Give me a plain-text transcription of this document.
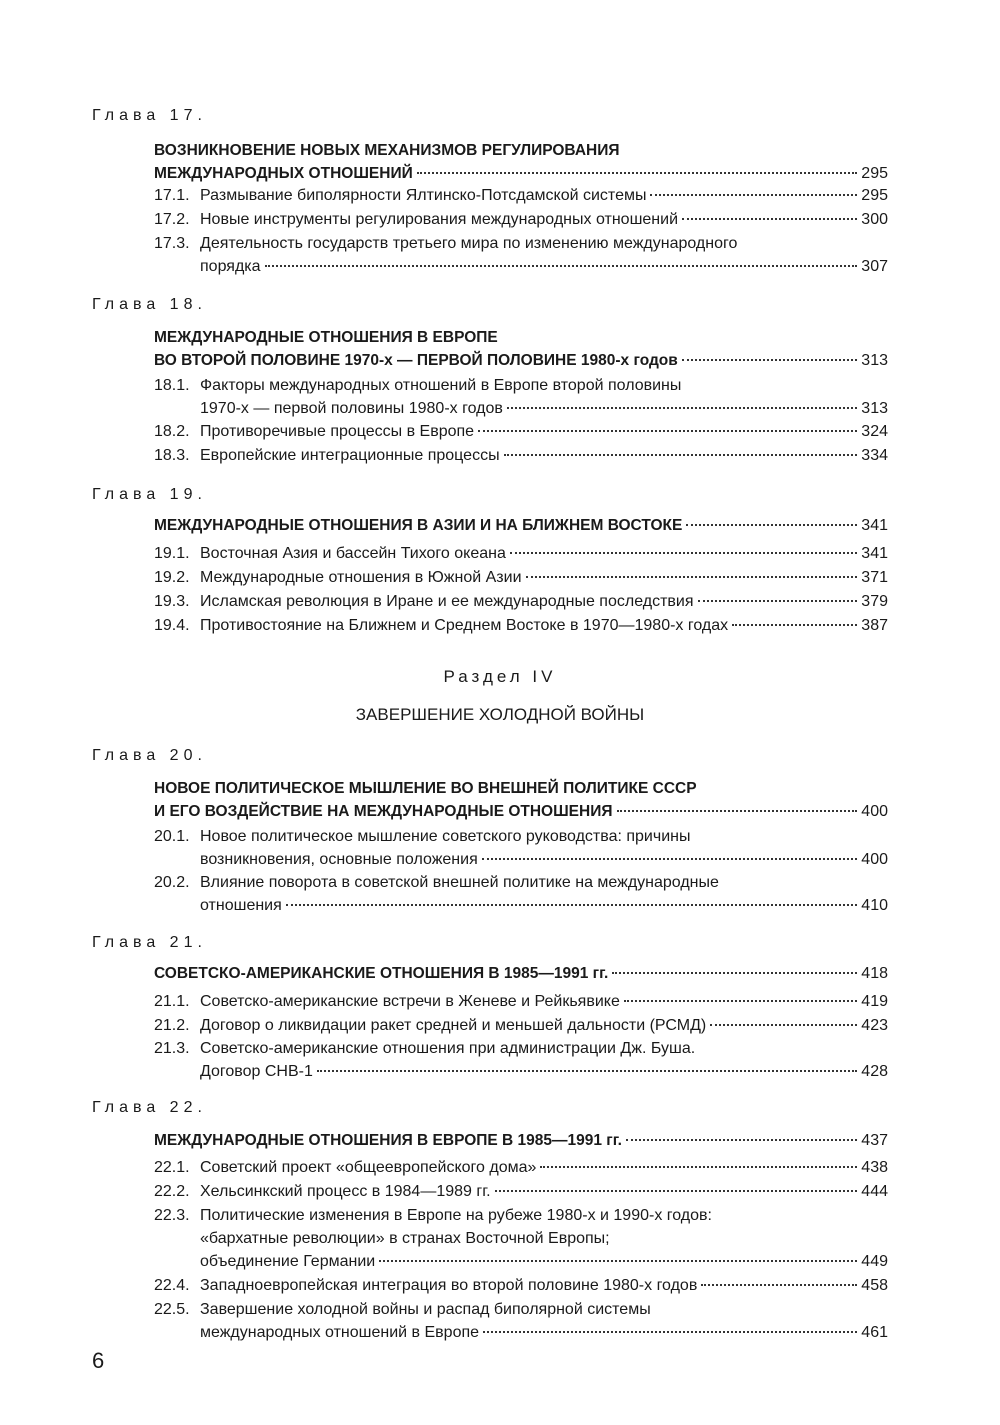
Глава 17.
ВОЗНИКНОВЕНИЕ НОВЫХ МЕХАНИЗМОВ РЕГУЛИРОВАНИЯ
МЕЖДУНАРОДНЫХ ОТНОШЕНИЙ	295
17.1. Размывание биполярности Ялтинско-Потсдамской системы	295
17.2. Новые инструменты регулирования международных отношений	300
17.3. Деятельность государств третьего мира по изменению международного
порядка	307
Глава 18.
МЕЖДУНАРОДНЫЕ ОТНОШЕНИЯ В ЕВРОПЕ
ВО ВТОРОЙ ПОЛОВИНЕ 1970-х — ПЕРВОЙ ПОЛОВИНЕ 1980-х годов	313
18.1. Факторы международных отношений в Европе второй половины
1970-х — первой половины 1980-х годов	313
18.2. Противоречивые процессы в Европе	324
18.3. Европейские интеграционные процессы	334
Глава 19.
МЕЖДУНАРОДНЫЕ ОТНОШЕНИЯ В АЗИИ И НА БЛИЖНЕМ ВОСТОКЕ	341
19.1. Восточная Азия и бассейн Тихого океана	341
19.2. Международные отношения в Южной Азии	371
19.3. Исламская революция в Иране и ее международные последствия	379
19.4. Противостояние на Ближнем и Среднем Востоке в 1970—1980-х годах	387
Глава 20.
НОВОЕ ПОЛИТИЧЕСКОЕ МЫШЛЕНИЕ ВО ВНЕШНЕЙ ПОЛИТИКЕ СССР
И ЕГО ВОЗДЕЙСТВИЕ НА МЕЖДУНАРОДНЫЕ ОТНОШЕНИЯ	400
20.1. Новое политическое мышление советского руководства: причины
возникновения, основные положения	400
20.2. Влияние поворота в советской внешней политике на международные
отношения	410
Глава 21.
СОВЕТСКО-АМЕРИКАНСКИЕ ОТНОШЕНИЯ В 1985—1991 гг.	418
21.1. Советско-американские встречи в Женеве и Рейкьявике	419
21.2. Договор о ликвидации ракет средней и меньшей дальности (РСМД)	423
21.3. Советско-американские отношения при администрации Дж. Буша.
Договор СНВ-1	428
Глава 22.
МЕЖДУНАРОДНЫЕ ОТНОШЕНИЯ В ЕВРОПЕ В 1985—1991 гг.	437
22.1. Советский проект «общеевропейского дома»	438
22.2. Хельсинкский процесс в 1984—1989 гг.	444
22.3. Политические изменения в Европе на рубеже 1980-х и 1990-х годов:
«бархатные революции» в странах Восточной Европы;
объединение Германии	449
22.4. Западноевропейская интеграция во второй половине 1980-х годов	458
22.5. Завершение холодной войны и распад биполярной системы
международных отношений в Европе	461
Раздел IV
ЗАВЕРШЕНИЕ ХОЛОДНОЙ ВОЙНЫ
6
